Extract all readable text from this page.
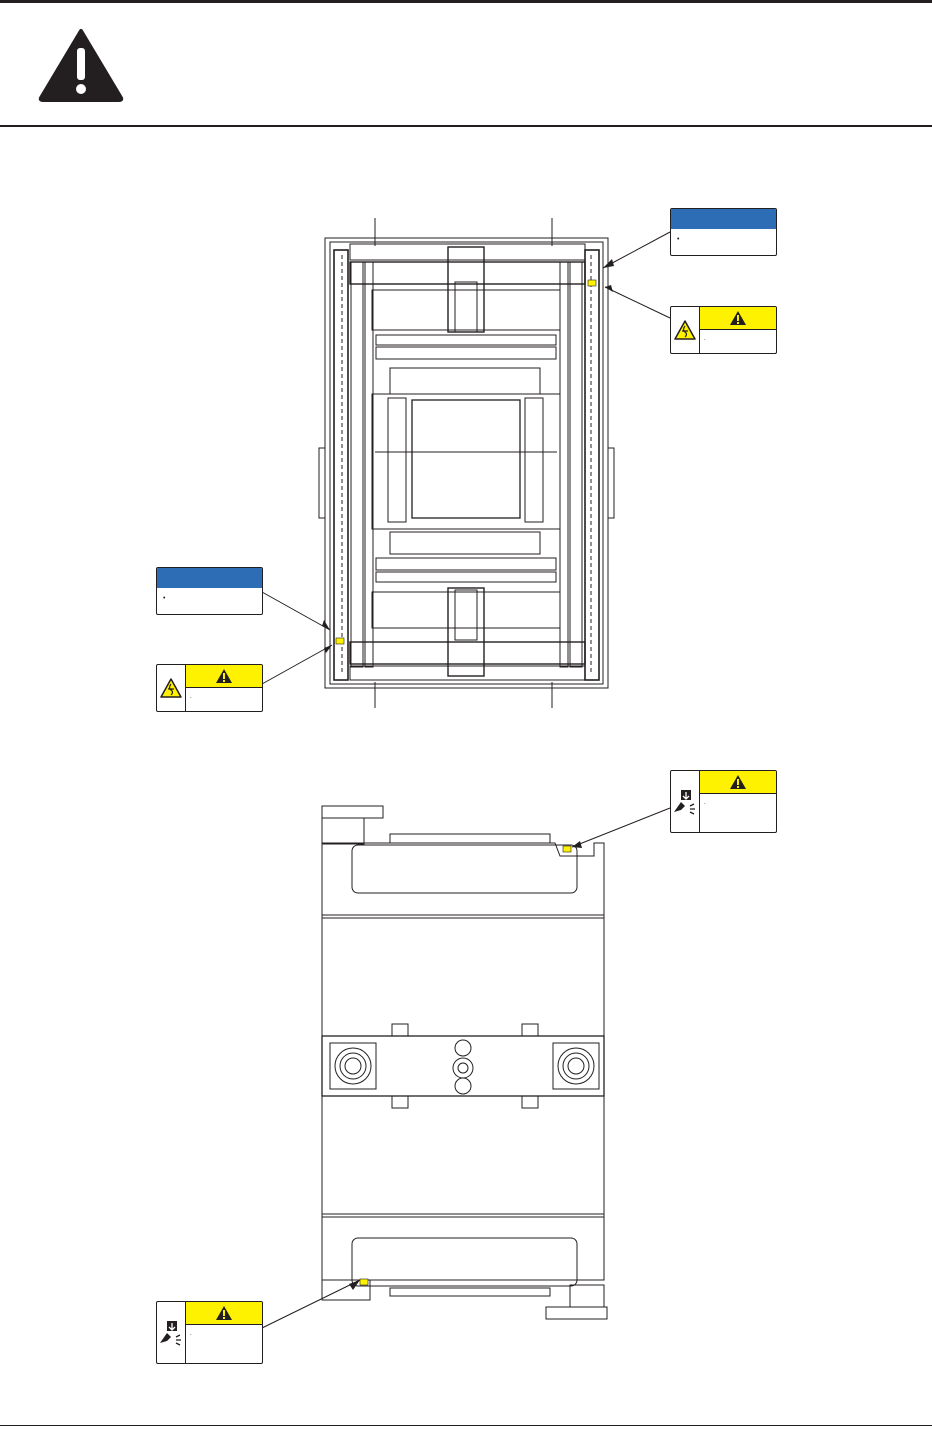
•
.
•
.
.
.
